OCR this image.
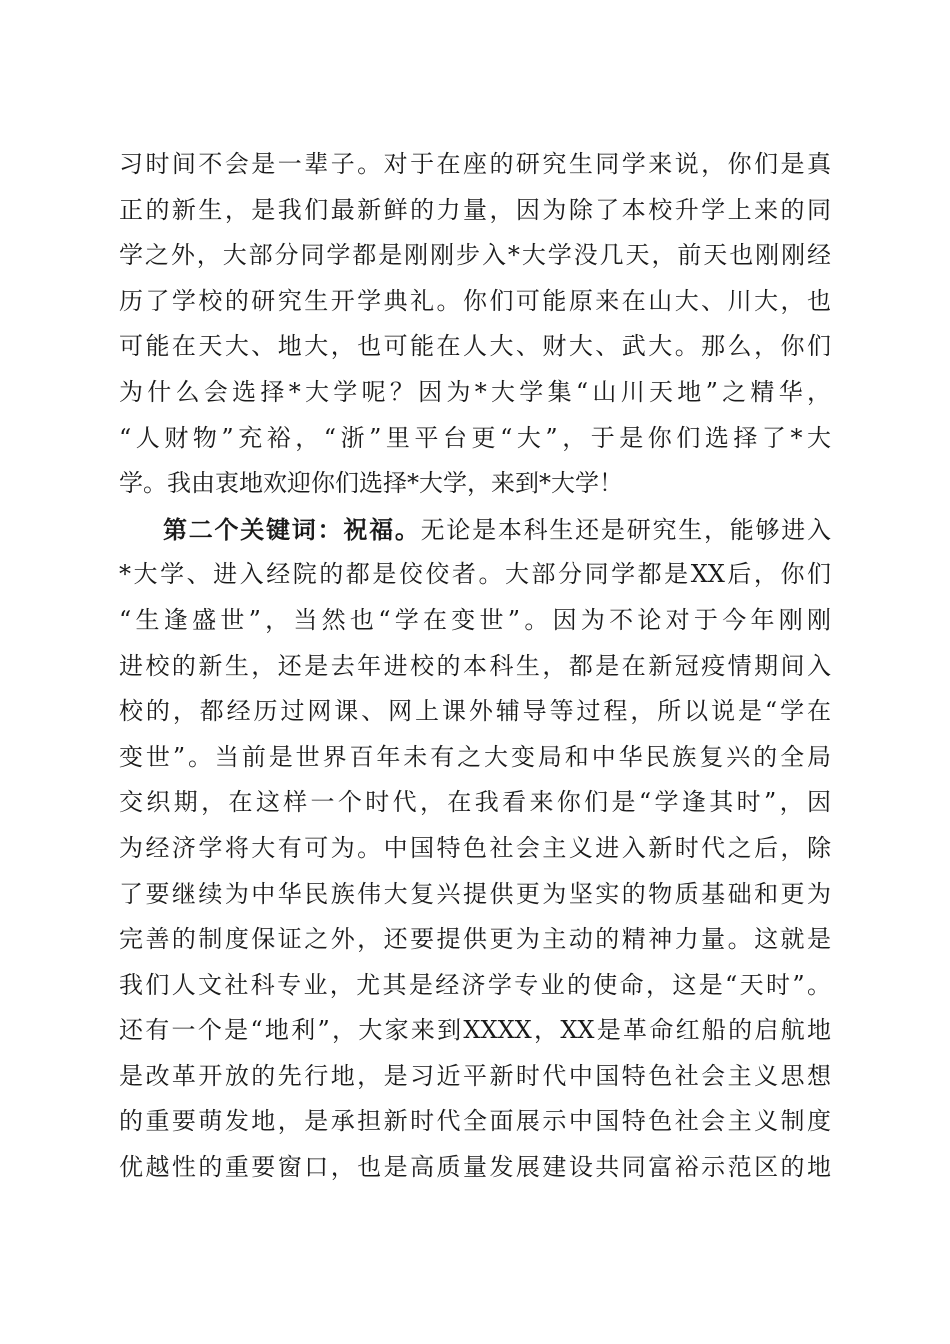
习时间不会是一辈子。对于在座的研究生同学来说，你们是真
正的新生，是我们最新鲜的力量，因为除了本校升学上来的同
学之外，大部分同学都是刚刚步入*大学没几天，前天也刚刚经
历了学校的研究生开学典礼。你们可能原来在山大、川大，也
可能在天大、地大，也可能在人大、财大、武大。那么，你们
为什么会选择*大学呢？因为*大学集“山川天地”之精华，
“人财物”充裕，“浙”里平台更“大”，于是你们选择了*大
学。我由衷地欢迎你们选择*大学，来到*大学！
第二个关键词：祝福。无论是本科生还是研究生，能够进入
*大学、进入经院的都是佼佼者。大部分同学都是XX后，你们
“生逢盛世”，当然也“学在变世”。因为不论对于今年刚刚
进校的新生，还是去年进校的本科生，都是在新冠疫情期间入
校的，都经历过网课、网上课外辅导等过程，所以说是“学在
变世”。当前是世界百年未有之大变局和中华民族复兴的全局
交织期，在这样一个时代，在我看来你们是“学逢其时”，因
为经济学将大有可为。中国特色社会主义进入新时代之后，除
了要继续为中华民族伟大复兴提供更为坚实的物质基础和更为
完善的制度保证之外，还要提供更为主动的精神力量。这就是
我们人文社科专业，尤其是经济学专业的使命，这是“天时”。
还有一个是“地利”，大家来到XXXX，XX是革命红船的启航地
是改革开放的先行地，是习近平新时代中国特色社会主义思想
的重要萌发地，是承担新时代全面展示中国特色社会主义制度
优越性的重要窗口，也是高质量发展建设共同富裕示范区的地
